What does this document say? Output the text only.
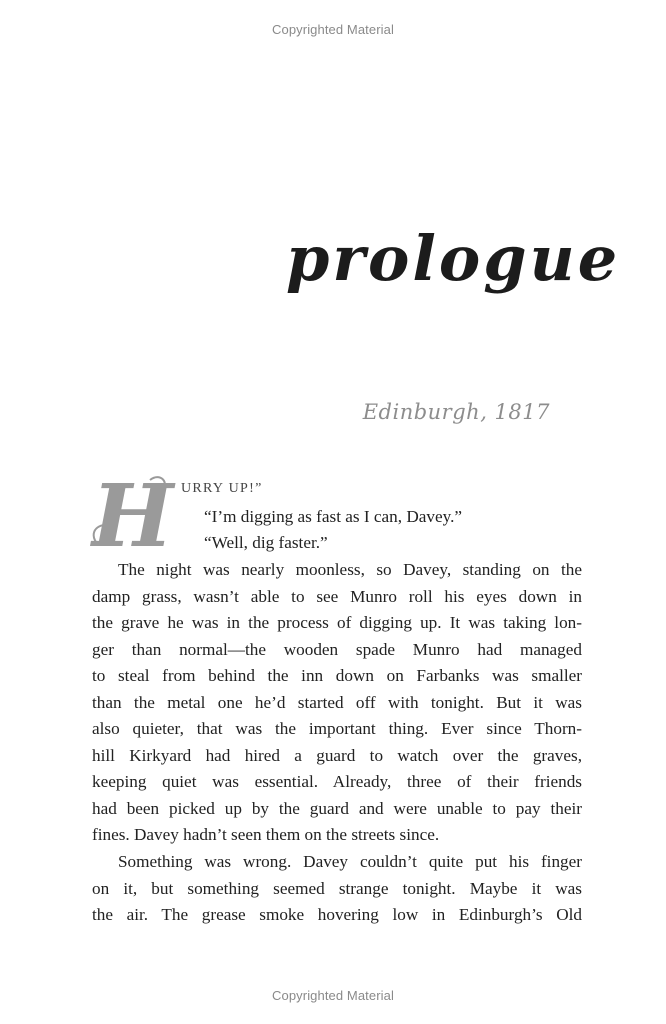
Copyrighted Material
prologue
Edinburgh, 1817
H URRY UP!”
“I’m digging as fast as I can, Davey.”
“Well, dig faster.”
The night was nearly moonless, so Davey, standing on the
damp grass, wasn’t able to see Munro roll his eyes down in
the grave he was in the process of digging up. It was taking lon-
ger than normal—the wooden spade Munro had managed
to steal from behind the inn down on Farbanks was smaller
than the metal one he’d started off with tonight. But it was
also quieter, that was the important thing. Ever since Thorn-
hill Kirkyard had hired a guard to watch over the graves,
keeping quiet was essential. Already, three of their friends
had been picked up by the guard and were unable to pay their
fines. Davey hadn’t seen them on the streets since.
Something was wrong. Davey couldn’t quite put his finger
on it, but something seemed strange tonight. Maybe it was
the air. The grease smoke hovering low in Edinburgh’s Old
Copyrighted Material
